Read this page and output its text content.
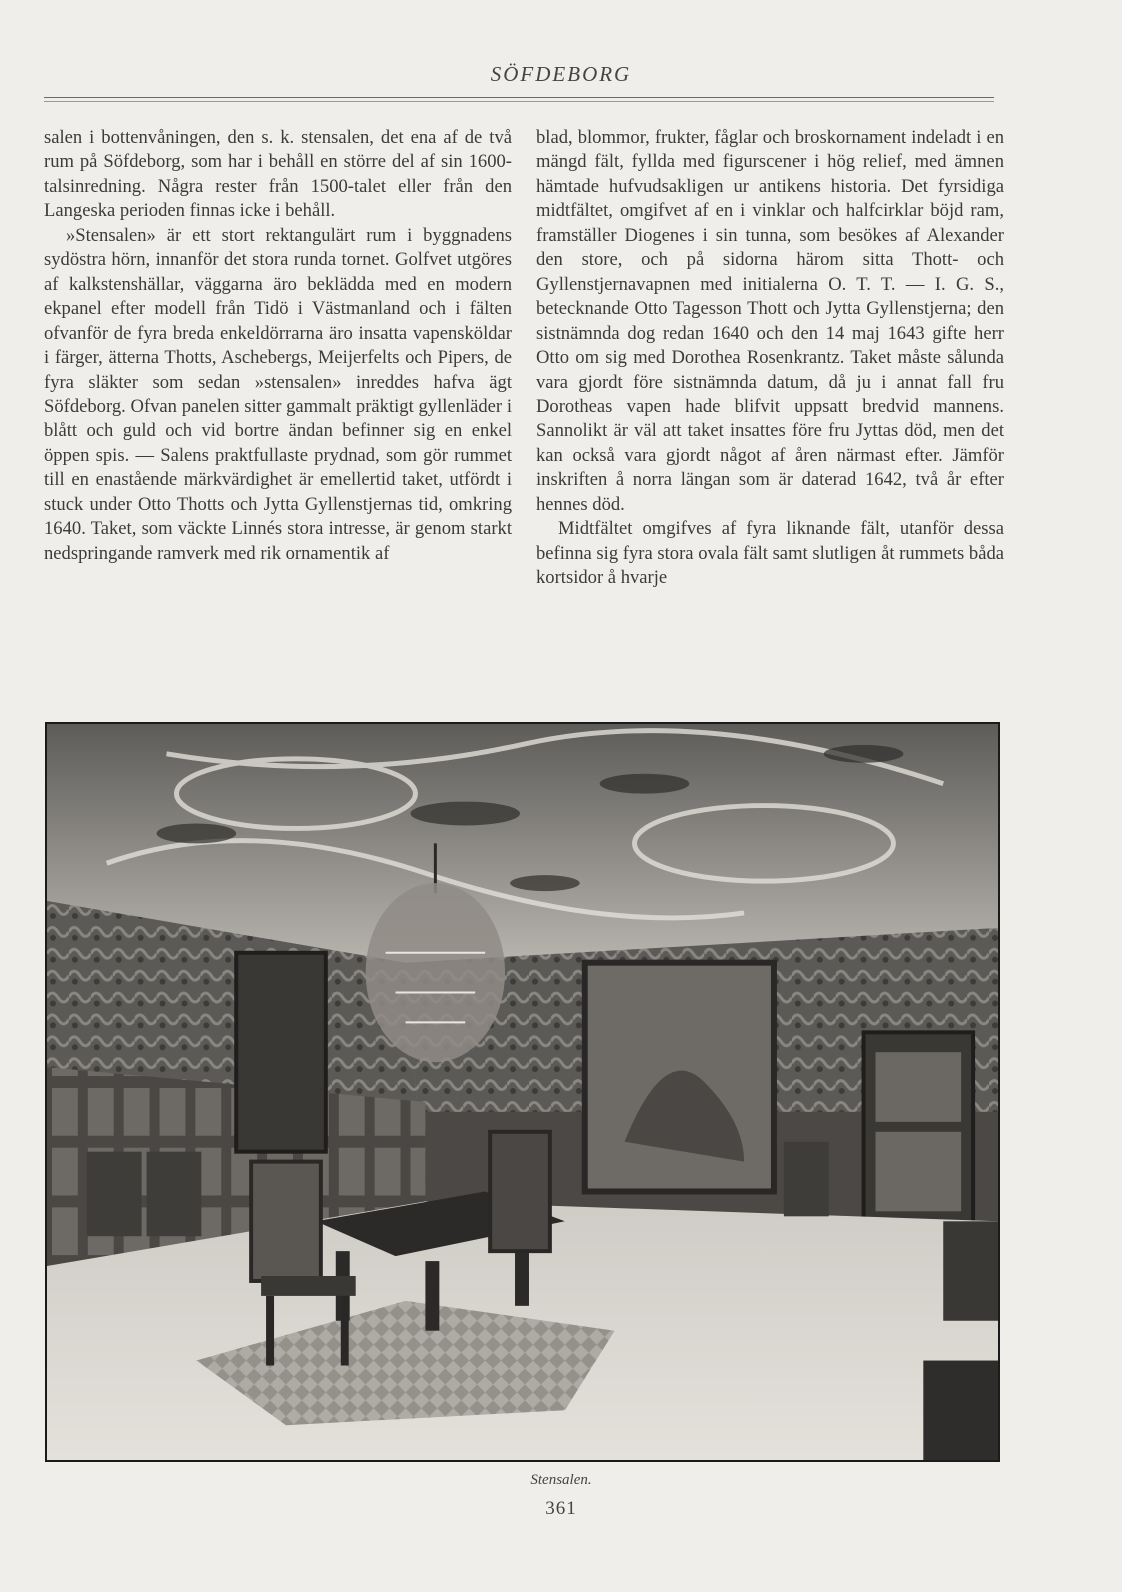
SÖFDEBORG

salen i bottenvåningen, den s. k. stensalen, det ena af de två rum på Söfdeborg, som har i behåll en större del af sin 1600-talsinredning. Några rester från 1500-talet eller från den Langeska perioden finnas icke i behåll.

»Stensalen» är ett stort rektangulärt rum i byggnadens sydöstra hörn, innanför det stora runda tornet. Golfvet utgöres af kalkstenshällar, väggarna äro beklädda med en modern ekpanel efter modell från Tidö i Västmanland och i fälten ofvanför de fyra breda enkeldörrarna äro insatta vapensköldar i färger, ätterna Thotts, Aschebergs, Meijerfelts och Pipers, de fyra släkter som sedan »stensalen» inreddes hafva ägt Söfdeborg. Ofvan panelen sitter gammalt präktigt gyllenläder i blått och guld och vid bortre ändan befinner sig en enkel öppen spis. — Salens praktfullaste prydnad, som gör rummet till en enastående märkvärdighet är emellertid taket, utfördt i stuck under Otto Thotts och Jytta Gyllenstjernas tid, omkring 1640. Taket, som väckte Linnés stora intresse, är genom starkt nedspringande ramverk med rik ornamentik af

blad, blommor, frukter, fåglar och broskornament indeladt i en mängd fält, fyllda med figurscener i hög relief, med ämnen hämtade hufvudsakligen ur antikens historia. Det fyrsidiga midtfältet, omgifvet af en i vinklar och halfcirklar böjd ram, framställer Diogenes i sin tunna, som besökes af Alexander den store, och på sidorna härom sitta Thott- och Gyllenstjernavapnen med initialerna O. T. T. — I. G. S., betecknande Otto Tagesson Thott och Jytta Gyllenstjerna; den sistnämnda dog redan 1640 och den 14 maj 1643 gifte herr Otto om sig med Dorothea Rosenkrantz. Taket måste sålunda vara gjordt före sistnämnda datum, då ju i annat fall fru Dorotheas vapen hade blifvit uppsatt bredvid mannens. Sannolikt är väl att taket insattes före fru Jyttas död, men det kan också vara gjordt något af åren närmast efter. Jämför inskriften å norra längan som är daterad 1642, två år efter hennes död.

Midtfältet omgifves af fyra liknande fält, utanför dessa befinna sig fyra stora ovala fält samt slutligen åt rummets båda kortsidor å hvarje

Stensalen.
361
